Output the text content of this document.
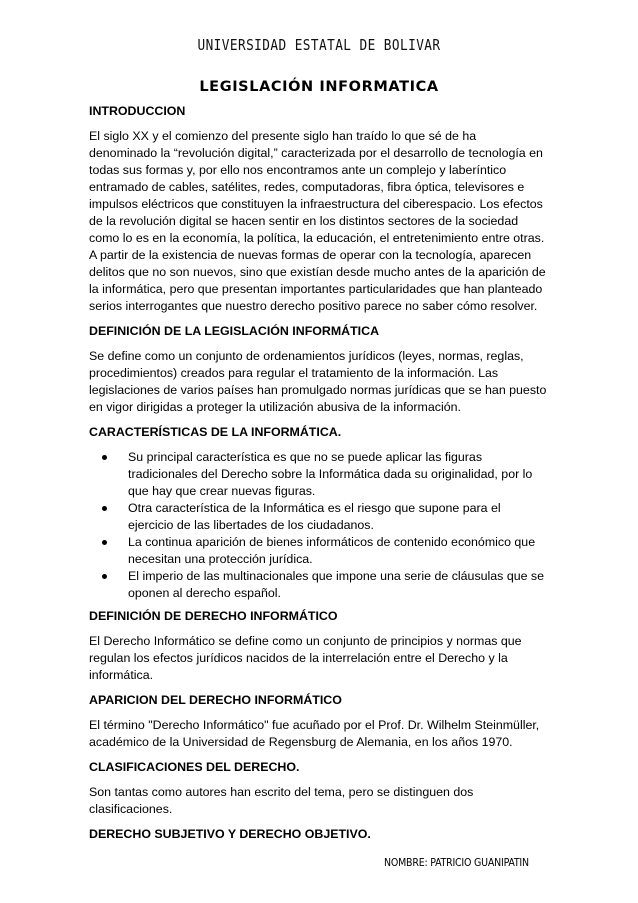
UNIVERSIDAD ESTATAL DE BOLIVAR
LEGISLACIÓN INFORMATICA
INTRODUCCION

El siglo XX y el comienzo del presente siglo han traído lo que sé de ha denominado la “revolución digital,” caracterizada por el desarrollo de tecnología en todas sus formas y, por ello nos encontramos ante un complejo y laberíntico entramado de cables, satélites, redes, computadoras, fibra óptica, televisores e impulsos eléctricos que constituyen la infraestructura del ciberespacio. Los efectos de la revolución digital se hacen sentir en los distintos sectores de la sociedad como lo es en la economía, la política, la educación, el entretenimiento entre otras.

A partir de la existencia de nuevas formas de operar con la tecnología, aparecen delitos que no son nuevos, sino que existían desde mucho antes de la aparición de la informática, pero que presentan importantes particularidades que han planteado serios interrogantes que nuestro derecho positivo parece no saber cómo resolver.

DEFINICIÓN DE LA LEGISLACIÓN INFORMÁTICA
Se define como un conjunto de ordenamientos jurídicos (leyes, normas, reglas, procedimientos) creados para regular el tratamiento de la información. Las legislaciones de varios países han promulgado normas jurídicas que se han puesto en vigor dirigidas a proteger la utilización abusiva de la información.
CARACTERÍSTICAS DE LA INFORMÁTICA.
Su principal característica es que no se puede aplicar las figuras tradicionales del Derecho sobre la Informática dada su originalidad, por lo que hay que crear nuevas figuras.
Otra característica de la Informática es el riesgo que supone para el ejercicio de las libertades de los ciudadanos.
La continua aparición de bienes informáticos de contenido económico que necesitan una protección jurídica.
El imperio de las multinacionales que impone una serie de cláusulas que se oponen al derecho español.
DEFINICIÓN DE DERECHO INFORMÁTICO
El Derecho Informático se define como un conjunto de principios y normas que regulan los efectos jurídicos nacidos de la interrelación entre el Derecho y la informática.
APARICION DEL DERECHO INFORMÁTICO
El término "Derecho Informático" fue acuñado por el Prof. Dr. Wilhelm Steinmüller, académico de la Universidad de Regensburg de Alemania, en los años 1970.
CLASIFICACIONES DEL DERECHO.
Son tantas como autores han escrito del tema, pero se distinguen dos clasificaciones.
DERECHO SUBJETIVO Y DERECHO OBJETIVO.
NOMBRE: PATRICIO GUANIPATIN
